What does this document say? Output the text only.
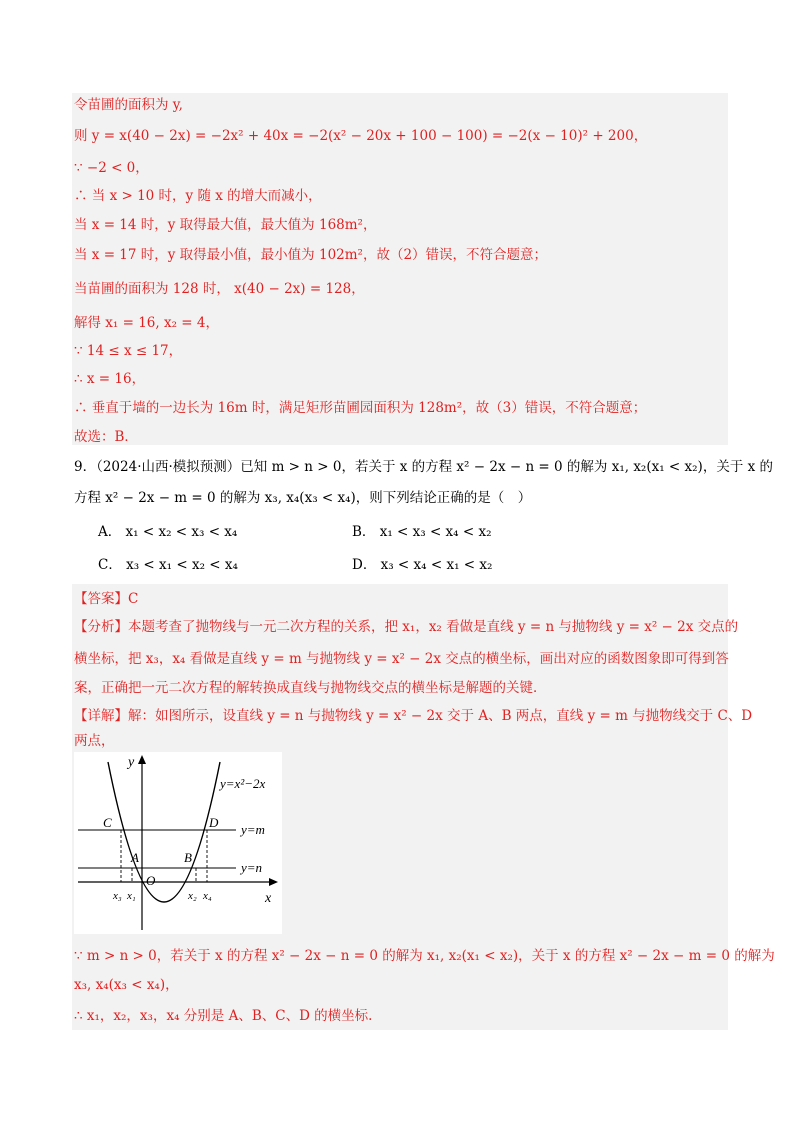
令苗圃的面积为 y,
则 y = x(40 − 2x) = −2x² + 40x = −2(x² − 20x + 100 − 100) = −2(x − 10)² + 200，
∵ −2 < 0，
∴ 当 x > 10 时，y 随 x 的增大而减小，
当 x = 14 时，y 取得最大值，最大值为 168m²，
当 x = 17 时，y 取得最小值，最小值为 102m²，故（2）错误，不符合题意；
当苗圃的面积为 128 时， x(40 − 2x) = 128，
解得 x₁ = 16, x₂ = 4，
∵ 14 ≤ x ≤ 17，
∴ x = 16，
∴ 垂直于墙的一边长为 16m 时，满足矩形苗圃园面积为 128m²，故（3）错误，不符合题意；
故选：B．
9．（2024·山西·模拟预测）已知 m > n > 0，若关于 x 的方程 x² − 2x − n = 0 的解为 x₁, x₂(x₁ < x₂)，关于 x 的
方程 x² − 2x − m = 0 的解为 x₃, x₄(x₃ < x₄)，则下列结论正确的是（　）
A． x₁ < x₂ < x₃ < x₄	B． x₁ < x₃ < x₄ < x₂
C． x₃ < x₁ < x₂ < x₄	D． x₃ < x₄ < x₁ < x₂
【答案】C
【分析】本题考查了抛物线与一元二次方程的关系，把 x₁，x₂ 看做是直线 y = n 与抛物线 y = x² − 2x 交点的
横坐标，把 x₃，x₄ 看做是直线 y = m 与抛物线 y = x² − 2x 交点的横坐标，画出对应的函数图象即可得到答
案，正确把一元二次方程的解转换成直线与抛物线交点的横坐标是解题的关键．
【详解】解：如图所示，设直线 y = n 与抛物线 y = x² − 2x 交于 A、B 两点，直线 y = m 与抛物线交于 C、D
两点，
y
x
O
y=x²−2x
y=m
y=n
C	D
A	B
x₃ x₁	x₂ x₄
∵ m > n > 0，若关于 x 的方程 x² − 2x − n = 0 的解为 x₁, x₂(x₁ < x₂)，关于 x 的方程 x² − 2x − m = 0 的解为
x₃, x₄(x₃ < x₄)，
∴ x₁，x₂，x₃，x₄ 分别是 A、B、C、D 的横坐标.
